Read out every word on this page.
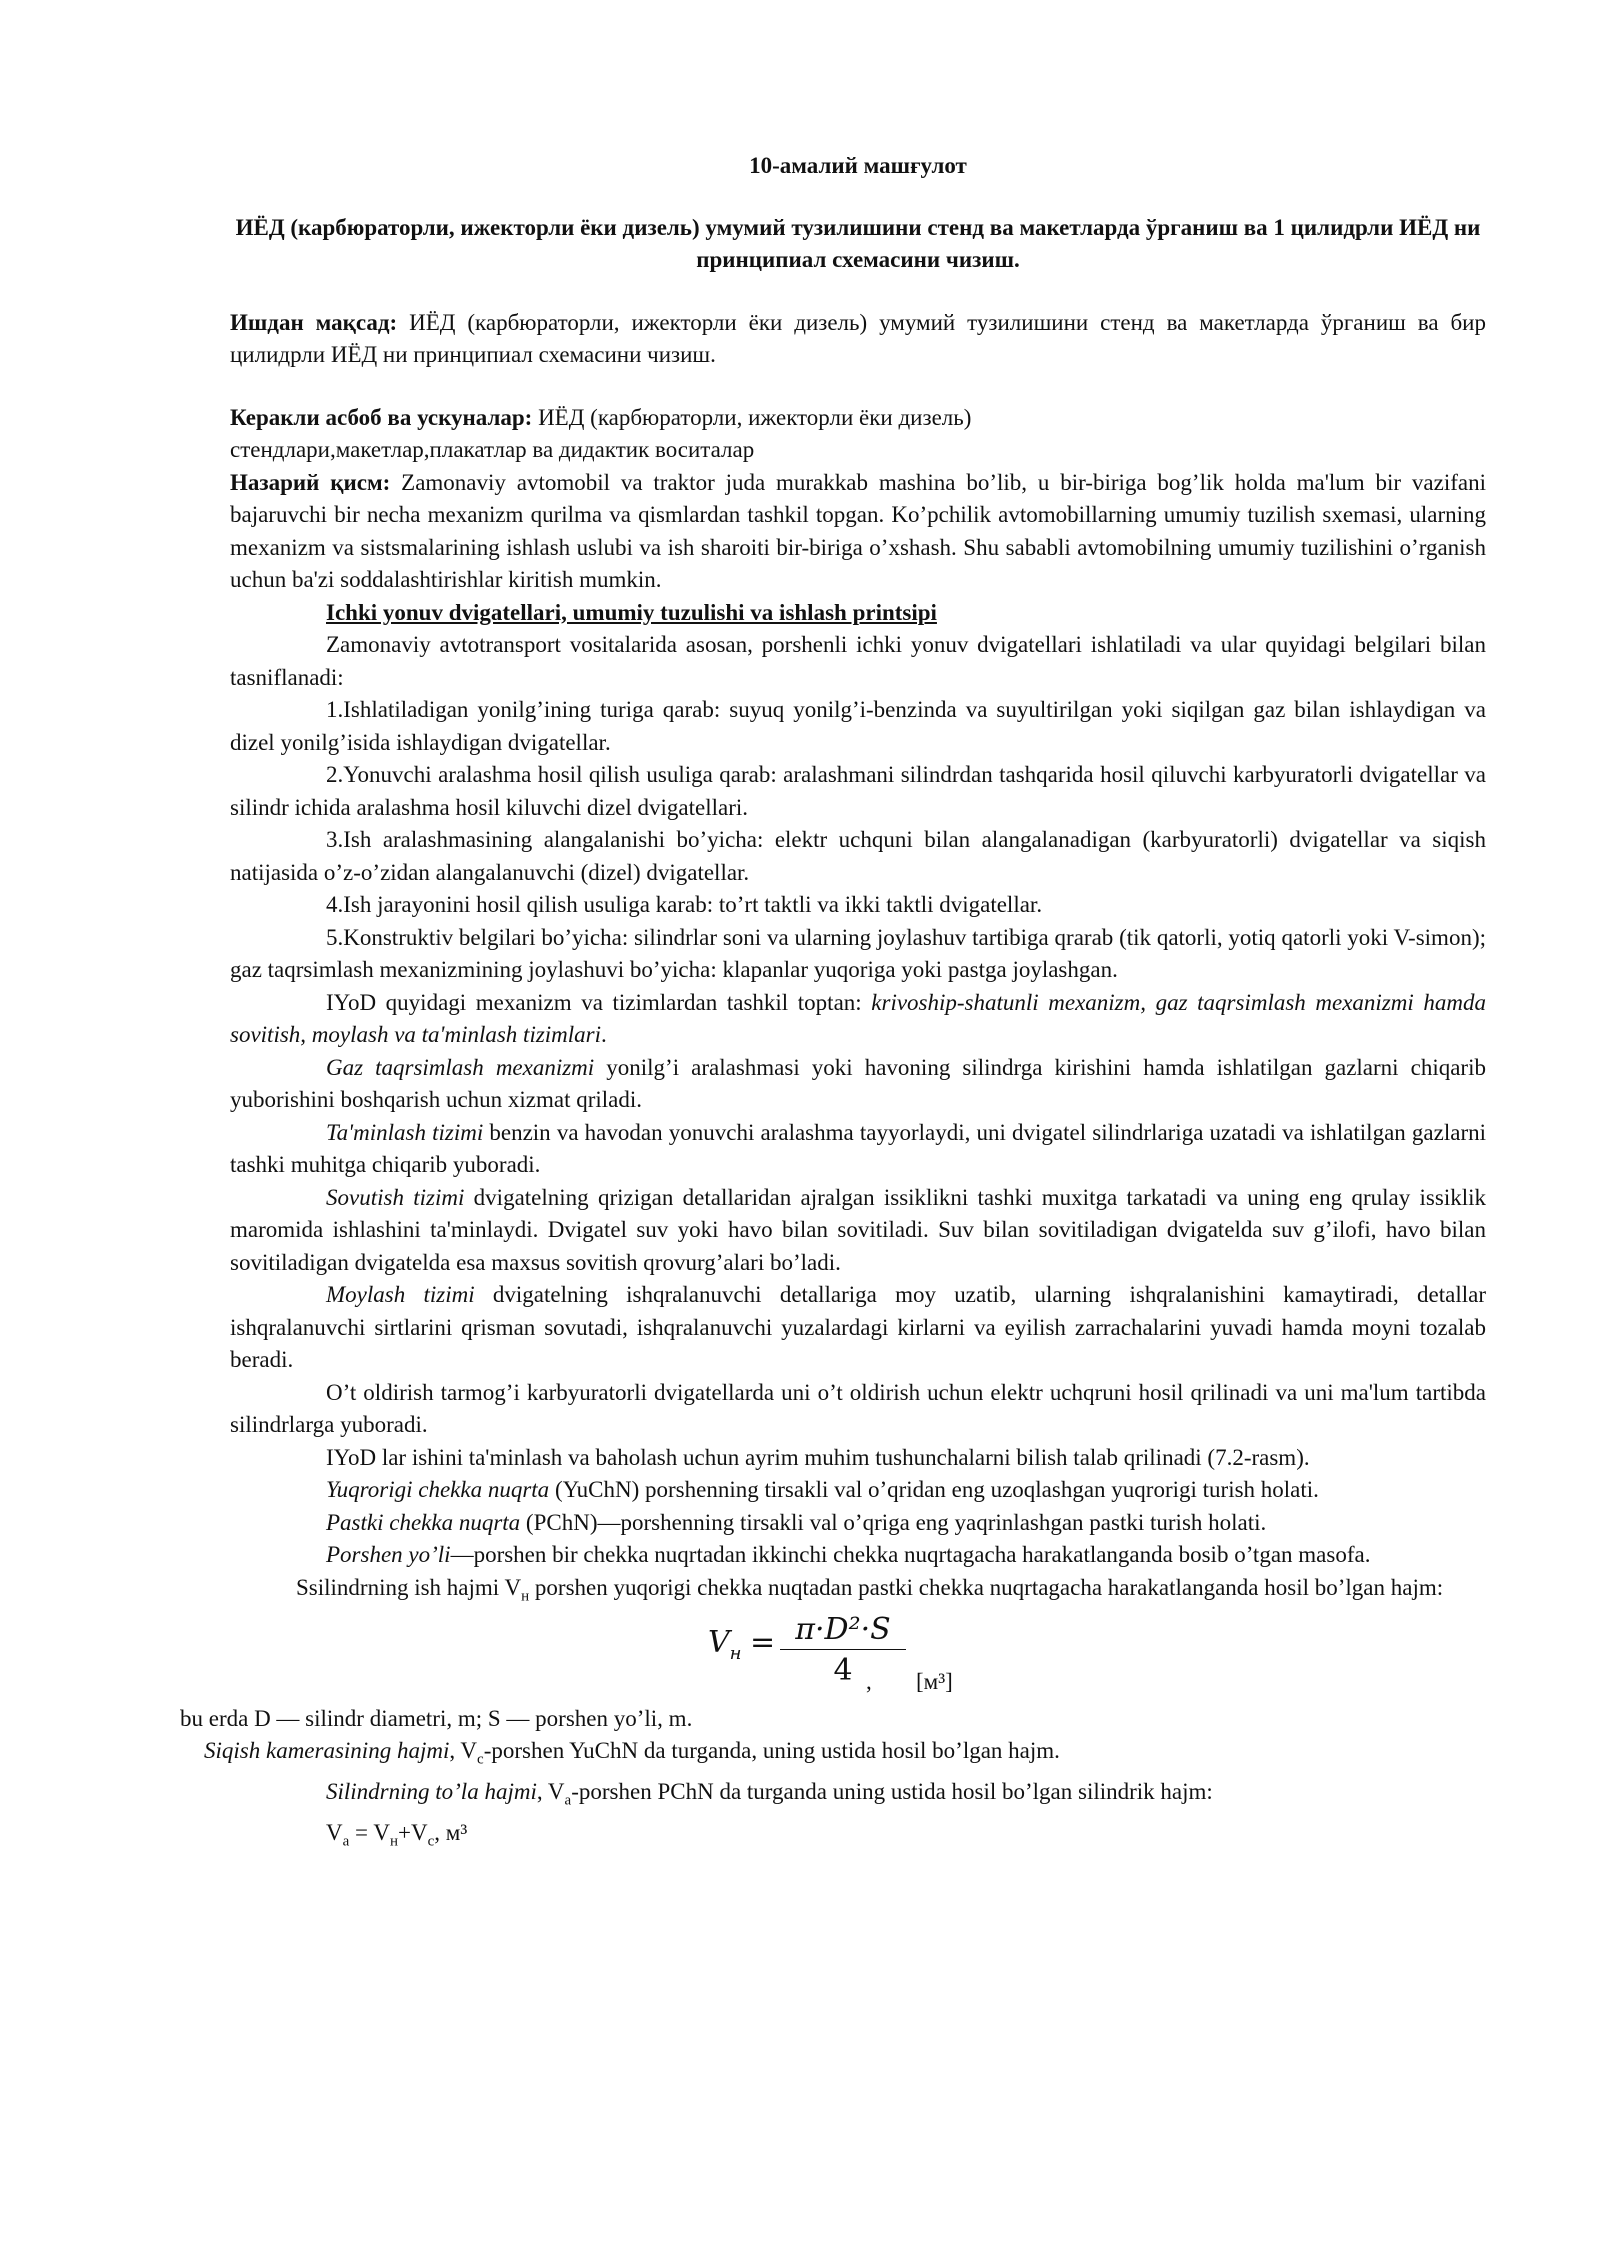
10-амалий машғулот

ИЁД (карбюраторли, ижекторли ёки дизель) умумий тузилишини стенд ва макетларда ўрганиш ва 1 цилидрли ИЁД ни принципиал схемасини чизиш.

Ишдан мақсад: ИЁД (карбюраторли, ижекторли ёки дизель) умумий тузилишини стенд ва макетларда ўрганиш ва бир цилидрли ИЁД ни принципиал схемасини чизиш.

Керакли асбоб ва ускуналар: ИЁД (карбюраторли, ижекторли ёки дизель)
стендлари,макетлар,плакатлар ва дидактик воситалар

Назарий қисм: Zamonaviy avtomobil va traktor juda murakkab mashina bo’lib, u bir-biriga bog’lik holda ma'lum bir vazifani bajaruvchi bir necha mexanizm qurilma va qismlardan tashkil topgan. Ko’pchilik avtomobillarning umumiy tuzilish sxemasi, ularning mexanizm va sistsmalarining ishlash uslubi va ish sharoiti bir-biriga o’xshash. Shu sababli avtomobilning umumiy tuzilishini o’rganish uchun ba'zi soddalashtirishlar kiritish mumkin.

Ichki yonuv dvigatellari, umumiy tuzulishi va ishlash printsipi

Zamonaviy avtotransport vositalarida asosan, porshenli ichki yonuv dvigatellari ishlatiladi va ular quyidagi belgilari bilan tasniflanadi:

1.Ishlatiladigan yonilg’ining turiga qarab: suyuq yonilg’i-benzinda va suyultirilgan yoki siqilgan gaz bilan ishlaydigan va dizel yonilg’isida ishlaydigan dvigatellar.

2.Yonuvchi aralashma hosil qilish usuliga qarab: aralashmani silindrdan tashqarida hosil qiluvchi karbyuratorli dvigatellar va silindr ichida aralashma hosil kiluvchi dizel dvigatellari.

3.Ish aralashmasining alangalanishi bo’yicha: elektr uchquni bilan alangalanadigan (karbyuratorli) dvigatellar va siqish natijasida o’z-o’zidan alangalanuvchi (dizel) dvigatellar.

4.Ish jarayonini hosil qilish usuliga karab: to’rt taktli va ikki taktli dvigatellar.

5.Konstruktiv belgilari bo’yicha: silindrlar soni va ularning joylashuv tartibiga qrarab (tik qatorli, yotiq qatorli yoki V-simon); gaz taqrsimlash mexanizmining joylashuvi bo’yicha: klapanlar yuqoriga yoki pastga joylashgan.

IYoD quyidagi mexanizm va tizimlardan tashkil toptan: krivoship-shatunli mexanizm, gaz taqrsimlash mexanizmi hamda sovitish, moylash va ta'minlash tizimlari.

Gaz taqrsimlash mexanizmi yonilg’i aralashmasi yoki havoning silindrga kirishini hamda ishlatilgan gazlarni chiqarib yuborishini boshqarish uchun xizmat qriladi.

Ta'minlash tizimi benzin va havodan yonuvchi aralashma tayyorlaydi, uni dvigatel silindrlariga uzatadi va ishlatilgan gazlarni tashki muhitga chiqarib yuboradi.

Sovutish tizimi dvigatelning qrizigan detallaridan ajralgan issiklikni tashki muxitga tarkatadi va uning eng qrulay issiklik maromida ishlashini ta'minlaydi. Dvigatel suv yoki havo bilan sovitiladi. Suv bilan sovitiladigan dvigatelda suv g’ilofi, havo bilan sovitiladigan dvigatelda esa maxsus sovitish qrovurg’alari bo’ladi.

Moylash tizimi dvigatelning ishqralanuvchi detallariga moy uzatib, ularning ishqralanishini kamaytiradi, detallar ishqralanuvchi sirtlarini qrisman sovutadi, ishqralanuvchi yuzalardagi kirlarni va eyilish zarrachalarini yuvadi hamda moyni tozalab beradi.

O’t oldirish tarmog’i karbyuratorli dvigatellarda uni o’t oldirish uchun elektr uchqruni hosil qrilinadi va uni ma'lum tartibda silindrlarga yuboradi.

IYoD lar ishini ta'minlash va baholash uchun ayrim muhim tushunchalarni bilish talab qrilinadi (7.2-rasm).

Yuqrorigi chekka nuqrta (YuChN) porshenning tirsakli val o’qridan eng uzoqlashgan yuqrorigi turish holati.

Pastki chekka nuqrta (PChN)—porshenning tirsakli val o’qriga eng yaqrinlashgan pastki turish holati.

Porshen yo’li—porshen bir chekka nuqrtadan ikkinchi chekka nuqrtagacha harakatlanganda bosib o’tgan masofa.

Ssilindrning ish hajmi $V_н$ porshen yuqorigi chekka nuqtadan pastki chekka nuqrtagacha harakatlanganda hosil bo’lgan hajm:

$V_н = \frac{\text{π·D²·S}}{4}$
, [м³]

bu erda D — silindr diametri, m; S — porshen yo’li, m.

Siqish kamerasining hajmi, $V_c$-porshen YuChN da turganda, uning ustida hosil bo’lgan hajm.

Silindrning to’la hajmi, $V_a$-porshen PChN da turganda uning ustida hosil bo’lgan silindrik hajm:

$V_a = V_н+V_c$, м³
